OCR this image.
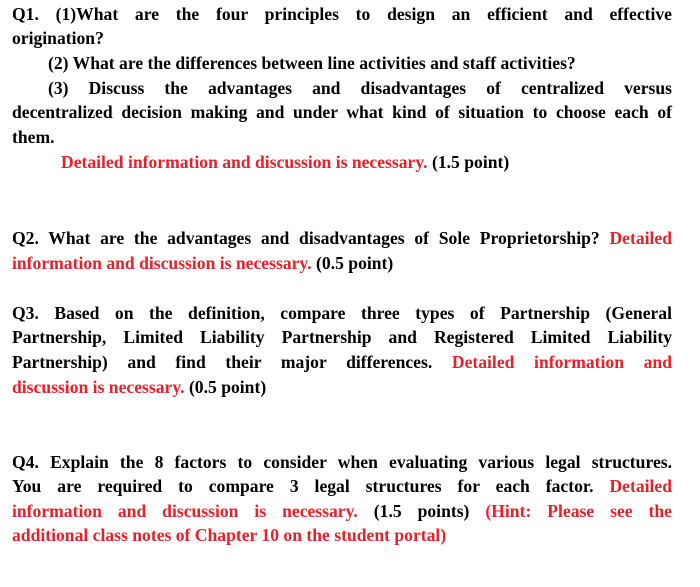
Q1. (1)What are the four principles to design an efficient and effective
origination?
(2) What are the differences between line activities and staff activities?
(3) Discuss the advantages and disadvantages of centralized versus
decentralized decision making and under what kind of situation to choose each of
them.
Detailed information and discussion is necessary. (1.5 point)
Q2. What are the advantages and disadvantages of Sole Proprietorship? Detailed
information and discussion is necessary. (0.5 point)
Q3. Based on the definition, compare three types of Partnership (General
Partnership, Limited Liability Partnership and Registered Limited Liability
Partnership) and find their major differences. Detailed information and
discussion is necessary. (0.5 point)
Q4. Explain the 8 factors to consider when evaluating various legal structures.
You are required to compare 3 legal structures for each factor. Detailed
information and discussion is necessary. (1.5 points) (Hint: Please see the
additional class notes of Chapter 10 on the student portal)
